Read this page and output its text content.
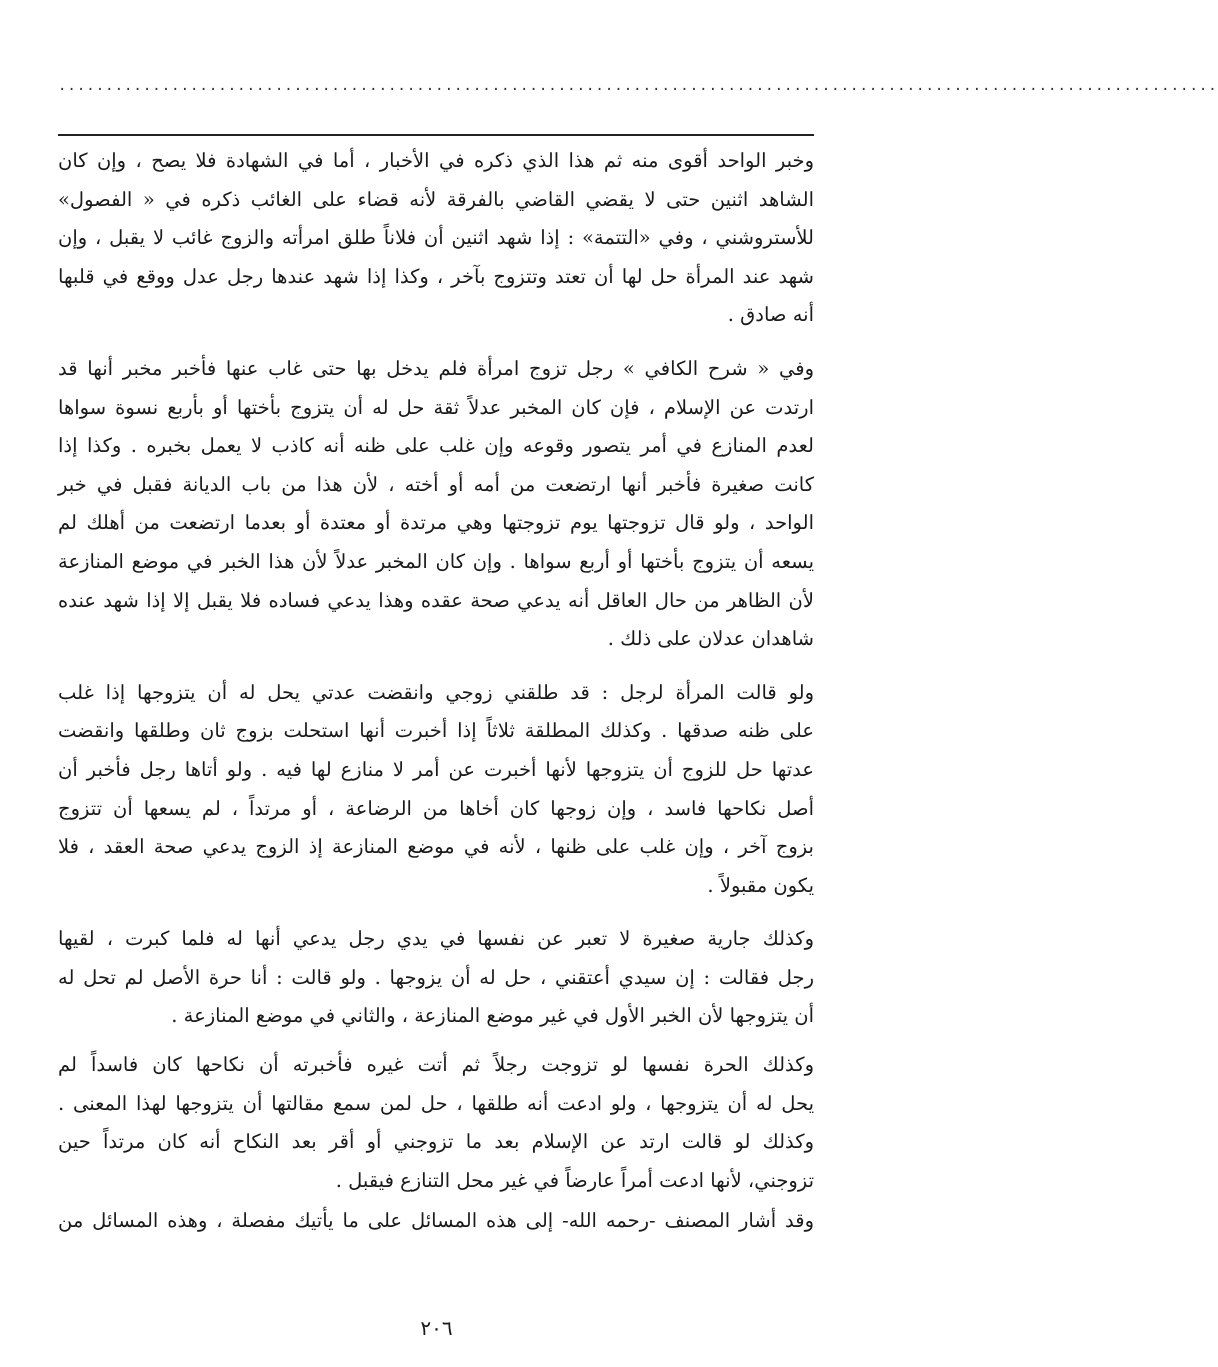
...........................................................................................................................
وخبر الواحد أقوى منه ثم هذا الذي ذكره في الأخبار ، أما في الشهادة فلا يصح ، وإن كان
الشاهد اثنين حتى لا يقضي القاضي بالفرقة لأنه قضاء على الغائب ذكره في « الفصول»
للأستروشني ، وفي «التتمة» : إذا شهد اثنين أن فلاناً طلق امرأته والزوج غائب لا يقبل ، وإن
شهد عند المرأة حل لها أن تعتد وتتزوج بآخر ، وكذا إذا شهد عندها رجل عدل ووقع في قلبها
أنه صادق .
وفي « شرح الكافي » رجل تزوج امرأة فلم يدخل بها حتى غاب عنها فأخبر مخبر أنها قد
ارتدت عن الإسلام ، فإن كان المخبر عدلاً ثقة حل له أن يتزوج بأختها أو بأربع نسوة سواها
لعدم المنازع في أمر يتصور وقوعه وإن غلب على ظنه أنه كاذب لا يعمل بخبره . وكذا إذا
كانت صغيرة فأخبر أنها ارتضعت من أمه أو أخته ، لأن هذا من باب الديانة فقبل في خبر
الواحد ، ولو قال تزوجتها يوم تزوجتها وهي مرتدة أو معتدة أو بعدما ارتضعت من أهلك لم
يسعه أن يتزوج بأختها أو أربع سواها . وإن كان المخبر عدلاً لأن هذا الخبر في موضع المنازعة
لأن الظاهر من حال العاقل أنه يدعي صحة عقده وهذا يدعي فساده فلا يقبل إلا إذا شهد عنده
شاهدان عدلان على ذلك .
ولو قالت المرأة لرجل : قد طلقني زوجي وانقضت عدتي يحل له أن يتزوجها إذا غلب
على ظنه صدقها . وكذلك المطلقة ثلاثاً إذا أخبرت أنها استحلت بزوج ثان وطلقها وانقضت
عدتها حل للزوج أن يتزوجها لأنها أخبرت عن أمر لا منازع لها فيه . ولو أتاها رجل فأخبر أن
أصل نكاحها فاسد ، وإن زوجها كان أخاها من الرضاعة ، أو مرتداً ، لم يسعها أن تتزوج
بزوج آخر ، وإن غلب على ظنها ، لأنه في موضع المنازعة إذ الزوج يدعي صحة العقد ، فلا
يكون مقبولاً .
وكذلك جارية صغيرة لا تعبر عن نفسها في يدي رجل يدعي أنها له فلما كبرت ، لقيها
رجل فقالت : إن سيدي أعتقني ، حل له أن يزوجها . ولو قالت : أنا حرة الأصل لم تحل له
أن يتزوجها لأن الخبر الأول في غير موضع المنازعة ، والثاني في موضع المنازعة .
وكذلك الحرة نفسها لو تزوجت رجلاً ثم أتت غيره فأخبرته أن نكاحها كان فاسداً لم
يحل له أن يتزوجها ، ولو ادعت أنه طلقها ، حل لمن سمع مقالتها أن يتزوجها لهذا المعنى .
وكذلك لو قالت ارتد عن الإسلام بعد ما تزوجني أو أقر بعد النكاح أنه كان مرتداً حين
تزوجني، لأنها ادعت أمراً عارضاً في غير محل التنازع فيقبل .
وقد أشار المصنف -رحمه الله- إلى هذه المسائل على ما يأتيك مفصلة ، وهذه المسائل من
٢٠٦
